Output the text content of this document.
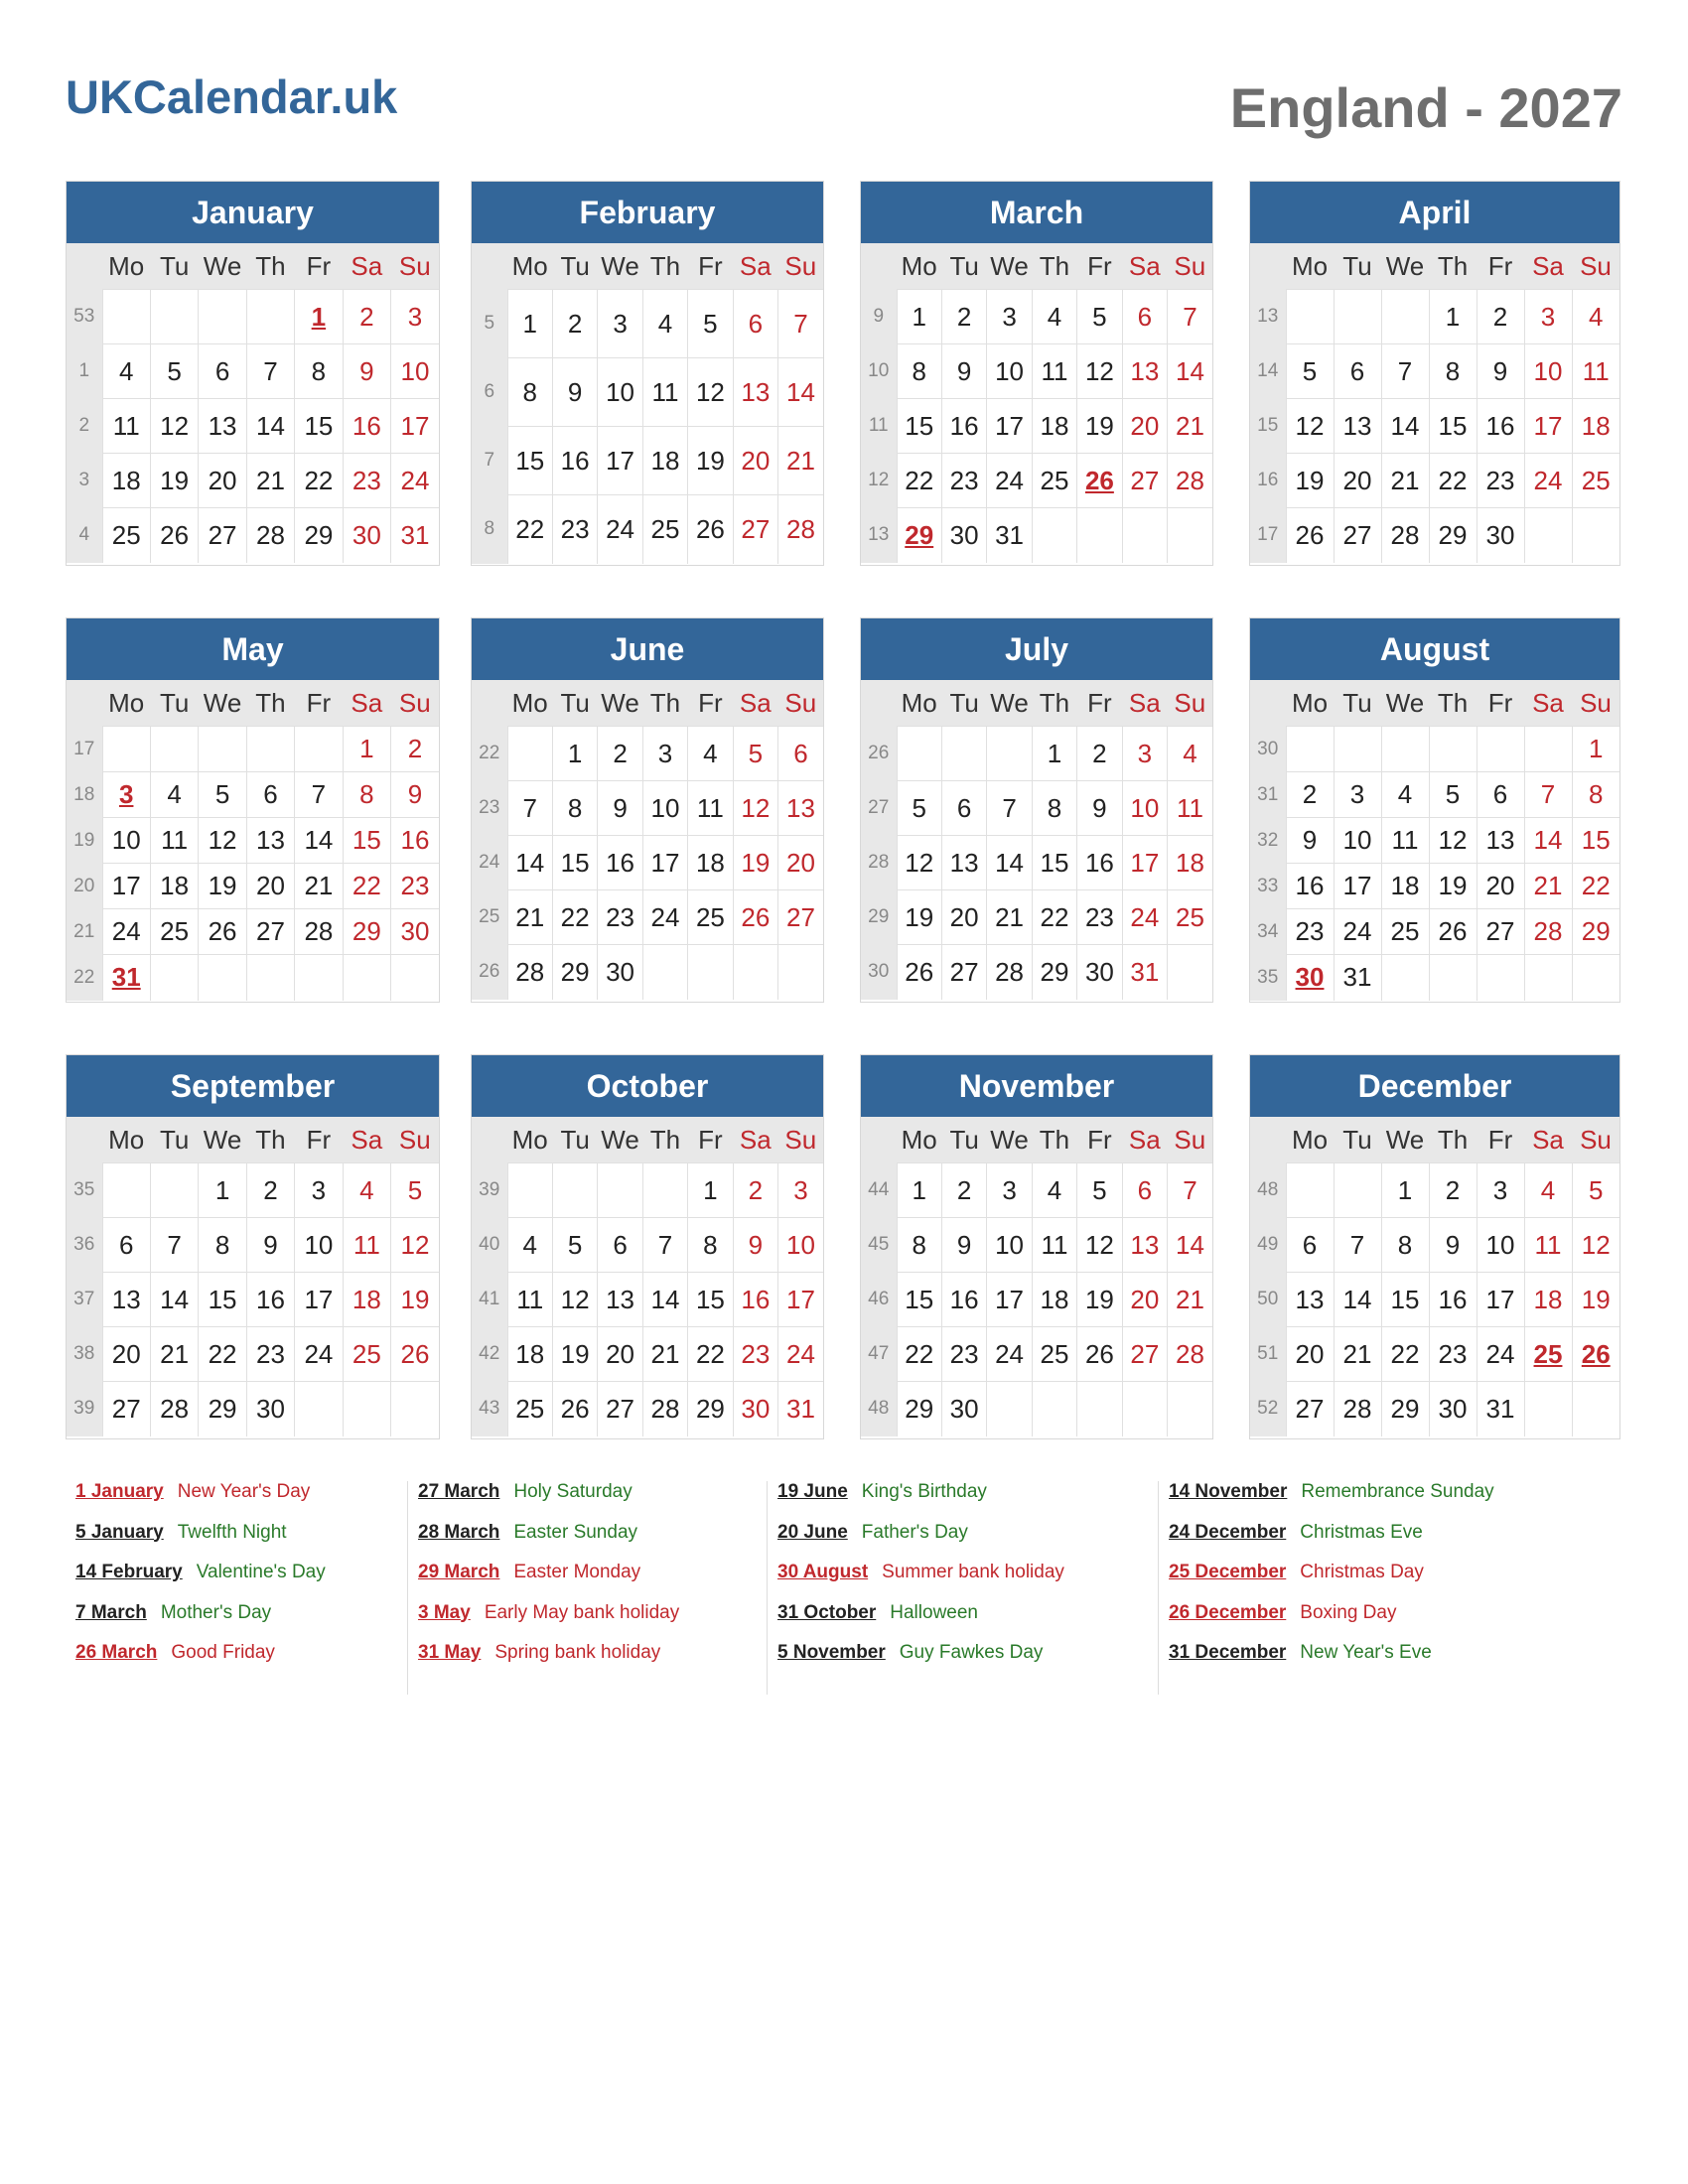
UKCalendar.uk	England - 2027
January
	Mo	Tu	We	Th	Fr	Sa	Su
53					1	2	3
1	4	5	6	7	8	9	10
2	11	12	13	14	15	16	17
3	18	19	20	21	22	23	24
4	25	26	27	28	29	30	31
February
	Mo	Tu	We	Th	Fr	Sa	Su
5	1	2	3	4	5	6	7
6	8	9	10	11	12	13	14
7	15	16	17	18	19	20	21
8	22	23	24	25	26	27	28
March
	Mo	Tu	We	Th	Fr	Sa	Su
9	1	2	3	4	5	6	7
10	8	9	10	11	12	13	14
11	15	16	17	18	19	20	21
12	22	23	24	25	26	27	28
13	29	30	31				
April
	Mo	Tu	We	Th	Fr	Sa	Su
13				1	2	3	4
14	5	6	7	8	9	10	11
15	12	13	14	15	16	17	18
16	19	20	21	22	23	24	25
17	26	27	28	29	30		
May
	Mo	Tu	We	Th	Fr	Sa	Su
17						1	2
18	3	4	5	6	7	8	9
19	10	11	12	13	14	15	16
20	17	18	19	20	21	22	23
21	24	25	26	27	28	29	30
22	31						
June
	Mo	Tu	We	Th	Fr	Sa	Su
22		1	2	3	4	5	6
23	7	8	9	10	11	12	13
24	14	15	16	17	18	19	20
25	21	22	23	24	25	26	27
26	28	29	30				
July
	Mo	Tu	We	Th	Fr	Sa	Su
26				1	2	3	4
27	5	6	7	8	9	10	11
28	12	13	14	15	16	17	18
29	19	20	21	22	23	24	25
30	26	27	28	29	30	31	
August
	Mo	Tu	We	Th	Fr	Sa	Su
30							1
31	2	3	4	5	6	7	8
32	9	10	11	12	13	14	15
33	16	17	18	19	20	21	22
34	23	24	25	26	27	28	29
35	30	31					
September
	Mo	Tu	We	Th	Fr	Sa	Su
35			1	2	3	4	5
36	6	7	8	9	10	11	12
37	13	14	15	16	17	18	19
38	20	21	22	23	24	25	26
39	27	28	29	30			
October
	Mo	Tu	We	Th	Fr	Sa	Su
39					1	2	3
40	4	5	6	7	8	9	10
41	11	12	13	14	15	16	17
42	18	19	20	21	22	23	24
43	25	26	27	28	29	30	31
November
	Mo	Tu	We	Th	Fr	Sa	Su
44	1	2	3	4	5	6	7
45	8	9	10	11	12	13	14
46	15	16	17	18	19	20	21
47	22	23	24	25	26	27	28
48	29	30					
December
	Mo	Tu	We	Th	Fr	Sa	Su
48			1	2	3	4	5
49	6	7	8	9	10	11	12
50	13	14	15	16	17	18	19
51	20	21	22	23	24	25	26
52	27	28	29	30	31		
1 January New Year's Day
5 January Twelfth Night
14 February Valentine's Day
7 March Mother's Day
26 March Good Friday
27 March Holy Saturday
28 March Easter Sunday
29 March Easter Monday
3 May Early May bank holiday
31 May Spring bank holiday
19 June King's Birthday
20 June Father's Day
30 August Summer bank holiday
31 October Halloween
5 November Guy Fawkes Day
14 November Remembrance Sunday
24 December Christmas Eve
25 December Christmas Day
26 December Boxing Day
31 December New Year's Eve
